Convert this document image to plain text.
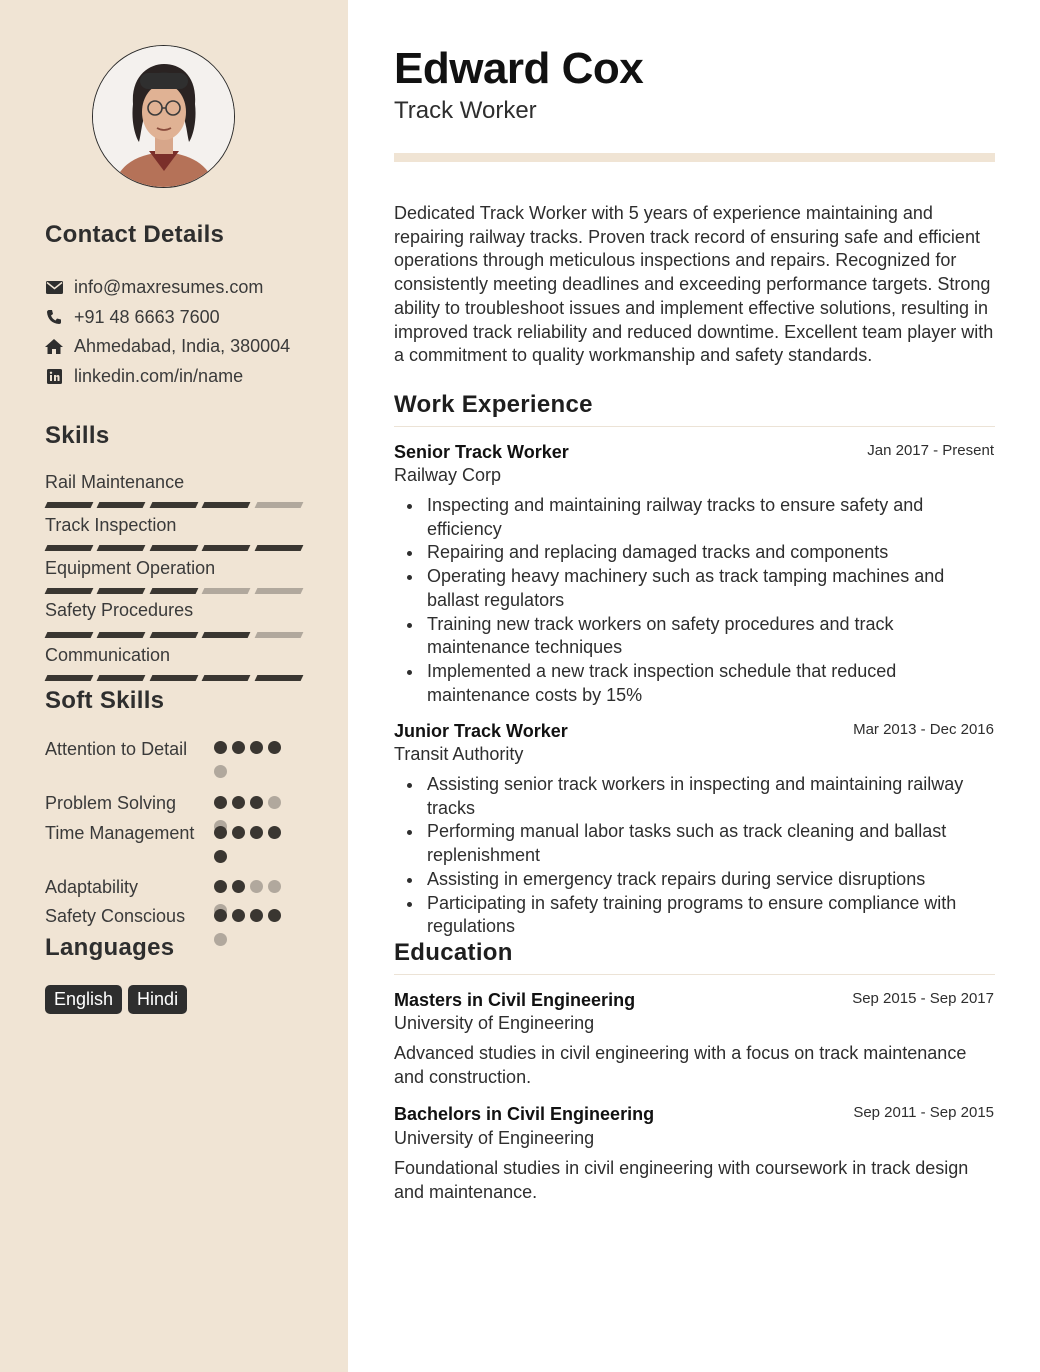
Contact Details
info@maxresumes.com
+91 48 6663 7600
Ahmedabad, India, 380004
linkedin.com/in/name
Skills
Rail Maintenance
Track Inspection
Equipment Operation
Safety Procedures
Communication
Soft Skills
Attention to Detail
Problem Solving
Time Management
Adaptability
Safety Conscious
Languages
English	Hindi
Edward Cox
Track Worker
Dedicated Track Worker with 5 years of experience maintaining and repairing railway tracks. Proven track record of ensuring safe and efficient operations through meticulous inspections and repairs. Recognized for consistently meeting deadlines and exceeding performance targets. Strong ability to troubleshoot issues and implement effective solutions, resulting in improved track reliability and reduced downtime. Excellent team player with a commitment to quality workmanship and safety standards.
Work Experience
Senior Track Worker	Jan 2017 - Present
Railway Corp
Inspecting and maintaining railway tracks to ensure safety and efficiency
Repairing and replacing damaged tracks and components
Operating heavy machinery such as track tamping machines and ballast regulators
Training new track workers on safety procedures and track maintenance techniques
Implemented a new track inspection schedule that reduced maintenance costs by 15%
Junior Track Worker	Mar 2013 - Dec 2016
Transit Authority
Assisting senior track workers in inspecting and maintaining railway tracks
Performing manual labor tasks such as track cleaning and ballast replenishment
Assisting in emergency track repairs during service disruptions
Participating in safety training programs to ensure compliance with regulations
Education
Masters in Civil Engineering	Sep 2015 - Sep 2017
University of Engineering
Advanced studies in civil engineering with a focus on track maintenance and construction.
Bachelors in Civil Engineering	Sep 2011 - Sep 2015
University of Engineering
Foundational studies in civil engineering with coursework in track design and maintenance.
